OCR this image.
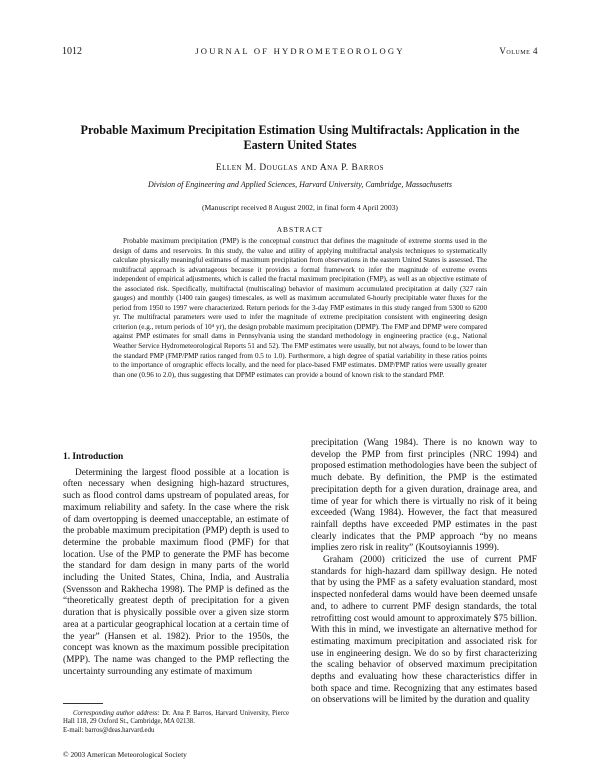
1012	JOURNAL OF HYDROMETEOROLOGY	Volume 4
Probable Maximum Precipitation Estimation Using Multifractals: Application in the Eastern United States
Ellen M. Douglas and Ana P. Barros
Division of Engineering and Applied Sciences, Harvard University, Cambridge, Massachusetts
(Manuscript received 8 August 2002, in final form 4 April 2003)
ABSTRACT
Probable maximum precipitation (PMP) is the conceptual construct that defines the magnitude of extreme storms used in the design of dams and reservoirs. In this study, the value and utility of applying multifractal analysis techniques to systematically calculate physically meaningful estimates of maximum precipitation from observations in the eastern United States is assessed. The multifractal approach is advantageous because it provides a formal framework to infer the magnitude of extreme events independent of empirical adjustments, which is called the fractal maximum precipitation (FMP), as well as an objective estimate of the associated risk. Specifically, multifractal (multiscaling) behavior of maximum accumulated precipitation at daily (327 rain gauges) and monthly (1400 rain gauges) timescales, as well as maximum accumulated 6-hourly precipitable water fluxes for the period from 1950 to 1997 were characterized. Return periods for the 3-day FMP estimates in this study ranged from 5300 to 6200 yr. The multifractal parameters were used to infer the magnitude of extreme precipitation consistent with engineering design criterion (e.g., return periods of 10⁴ yr), the design probable maximum precipitation (DPMP). The FMP and DPMP were compared against PMP estimates for small dams in Pennsylvania using the standard methodology in engineering practice (e.g., National Weather Service Hydrometeorological Reports 51 and 52). The FMP estimates were usually, but not always, found to be lower than the standard PMP (FMP/PMP ratios ranged from 0.5 to 1.0). Furthermore, a high degree of spatial variability in these ratios points to the importance of orographic effects locally, and the need for place-based FMP estimates. DMP/PMP ratios were usually greater than one (0.96 to 2.0), thus suggesting that DPMP estimates can provide a bound of known risk to the standard PMP.
1. Introduction

Determining the largest flood possible at a location is often necessary when designing high-hazard structures, such as flood control dams upstream of populated areas, for maximum reliability and safety. In the case where the risk of dam overtopping is deemed unacceptable, an estimate of the probable maximum precipitation (PMP) depth is used to determine the probable maximum flood (PMF) for that location. Use of the PMP to generate the PMF has become the standard for dam design in many parts of the world including the United States, China, India, and Australia (Svensson and Rakhecha 1998). The PMP is defined as the “theoretically greatest depth of precipitation for a given duration that is physically possible over a given size storm area at a particular geographical location at a certain time of the year” (Hansen et al. 1982). Prior to the 1950s, the concept was known as the maximum possible precipitation (MPP). The name was changed to the PMP reflecting the uncertainty surrounding any estimate of maximum

precipitation (Wang 1984). There is no known way to develop the PMP from first principles (NRC 1994) and proposed estimation methodologies have been the subject of much debate. By definition, the PMP is the estimated precipitation depth for a given duration, drainage area, and time of year for which there is virtually no risk of it being exceeded (Wang 1984). However, the fact that measured rainfall depths have exceeded PMP estimates in the past clearly indicates that the PMP approach “by no means implies zero risk in reality” (Koutsoyiannis 1999).

Graham (2000) criticized the use of current PMF standards for high-hazard dam spillway design. He noted that by using the PMF as a safety evaluation standard, most inspected nonfederal dams would have been deemed unsafe and, to adhere to current PMF design standards, the total retrofitting cost would amount to approximately $75 billion. With this in mind, we investigate an alternative method for estimating maximum precipitation and associated risk for use in engineering design. We do so by first characterizing the scaling behavior of observed maximum precipitation depths and evaluating how these characteristics differ in both space and time. Recognizing that any estimates based on observations will be limited by the duration and quality

Corresponding author address: Dr. Ana P. Barros, Harvard University, Pierce Hall 118, 29 Oxford St., Cambridge, MA 02138.

E-mail: barros@deas.harvard.edu

© 2003 American Meteorological Society
